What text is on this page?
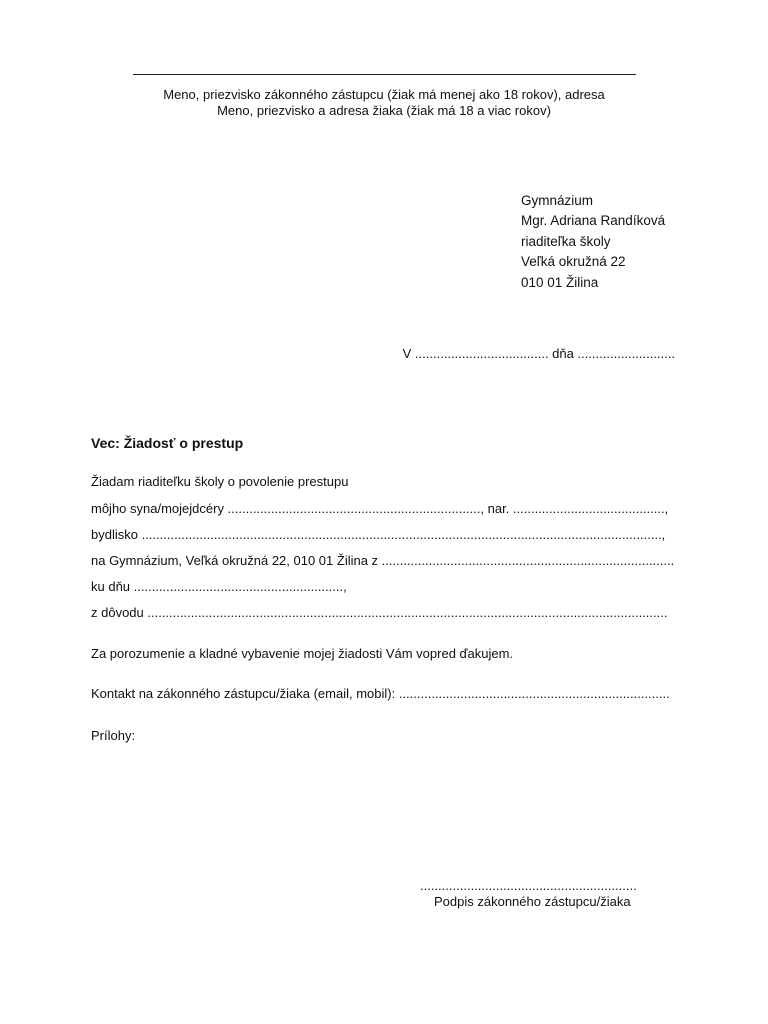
Meno, priezvisko zákonného zástupcu (žiak má menej ako 18 rokov), adresa
Meno, priezvisko a adresa žiaka (žiak má 18 a viac rokov)
Gymnázium
Mgr. Adriana Randíková
riaditeľka školy
Veľká okružná 22
010 01 Žilina
V ..................................... dňa ...........................
Vec: Žiadosť o prestup
Žiadam riaditeľku školy o povolenie prestupu
môjho syna/mojejdcéry ......................................................................, nar. ..........................................,
bydlisko ................................................................................................................................................,
na Gymnázium, Veľká okružná 22, 010 01 Žilina z .................................................................................
ku dňu ..........................................................,
z dôvodu ................................................................................................................................................
Za porozumenie a kladné vybavenie mojej žiadosti Vám vopred ďakujem.
Kontakt na zákonného zástupcu/žiaka (email, mobil): ...........................................................................
Prílohy:
............................................................
Podpis zákonného zástupcu/žiaka
